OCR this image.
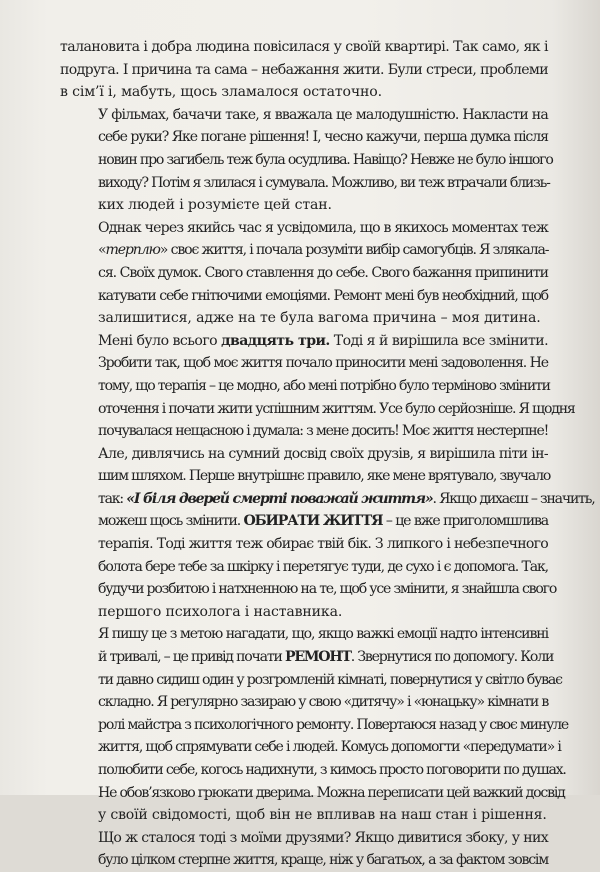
талановита і добра людина повісилася у своїй квартирі. Так само, як і
подруга. І причина та сама – небажання жити. Були стреси, проблеми
в сім’ї і, мабуть, щось зламалося остаточно.
У фільмах, бачачи таке, я вважала це малодушністю. Накласти на
себе руки? Яке погане рішення! І, чесно кажучи, перша думка після
новин про загибель теж була осудлива. Навіщо? Невже не було іншого
виходу? Потім я злилася і сумувала. Можливо, ви теж втрачали близь-
ких людей і розумієте цей стан.
Однак через якийсь час я усвідомила, що в якихось моментах теж
«терплю» своє життя, і почала розуміти вибір самогубців. Я злякала-
ся. Своїх думок. Свого ставлення до себе. Свого бажання припинити
катувати себе гнітючими емоціями. Ремонт мені був необхідний, щоб
залишитися, адже на те була вагома причина – моя дитина.
Мені було всього двадцять три. Тоді я й вирішила все змінити.
Зробити так, щоб моє життя почало приносити мені задоволення. Не
тому, що терапія – це модно, або мені потрібно було терміново змінити
оточення і почати жити успішним життям. Усе було серйозніше. Я щодня
почувалася нещасною і думала: з мене досить! Моє життя нестерпне!
Але, дивлячись на сумний досвід своїх друзів, я вирішила піти ін-
шим шляхом. Перше внутрішнє правило, яке мене врятувало, звучало
так: «І біля дверей смерті поважай життя». Якщо дихаєш – значить,
можеш щось змінити. ОБИРАТИ ЖИТТЯ – це вже приголомшлива
терапія. Тоді життя теж обирає твій бік. З липкого і небезпечного
болота бере тебе за шкірку і перетягує туди, де сухо і є допомога. Так,
будучи розбитою і натхненною на те, щоб усе змінити, я знайшла свого
першого психолога і наставника.
Я пишу це з метою нагадати, що, якщо важкі емоції надто інтенсивні
й тривалі, – це привід почати РЕМОНТ. Звернутися по допомогу. Коли
ти давно сидиш один у розгромленій кімнаті, повернутися у світло буває
складно. Я регулярно зазираю у свою «дитячу» і «юнацьку» кімнати в
ролі майстра з психологічного ремонту. Повертаюся назад у своє минуле
життя, щоб спрямувати себе і людей. Комусь допомогти «передумати» і
полюбити себе, когось надихнути, з кимось просто поговорити по душах.
Не обов’язково грюкати дверима. Можна переписати цей важкий досвід
у своїй свідомості, щоб він не впливав на наш стан і рішення.
Що ж сталося тоді з моїми друзями? Якщо дивитися збоку, у них
було цілком стерпне життя, краще, ніж у багатьох, а за фактом зовсім
